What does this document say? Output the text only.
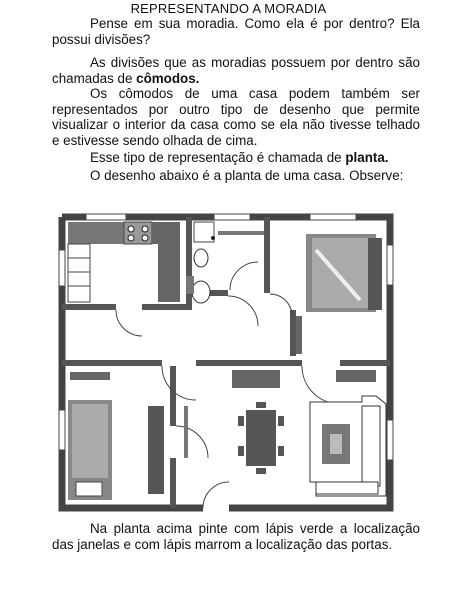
REPRESENTANDO A MORADIA
Pense em sua moradia. Como ela é por dentro? Ela possui divisões?
As divisões que as moradias possuem por dentro são chamadas de cômodos.
Os cômodos de uma casa podem também ser representados por outro tipo de desenho que permite visualizar o interior da casa como se ela não tivesse telhado e estivesse sendo olhada de cima.
Esse tipo de representação é chamada de planta.
O desenho abaixo é a planta de uma casa. Observe:
Na planta acima pinte com lápis verde a localização das janelas e com lápis marrom a localização das portas.
